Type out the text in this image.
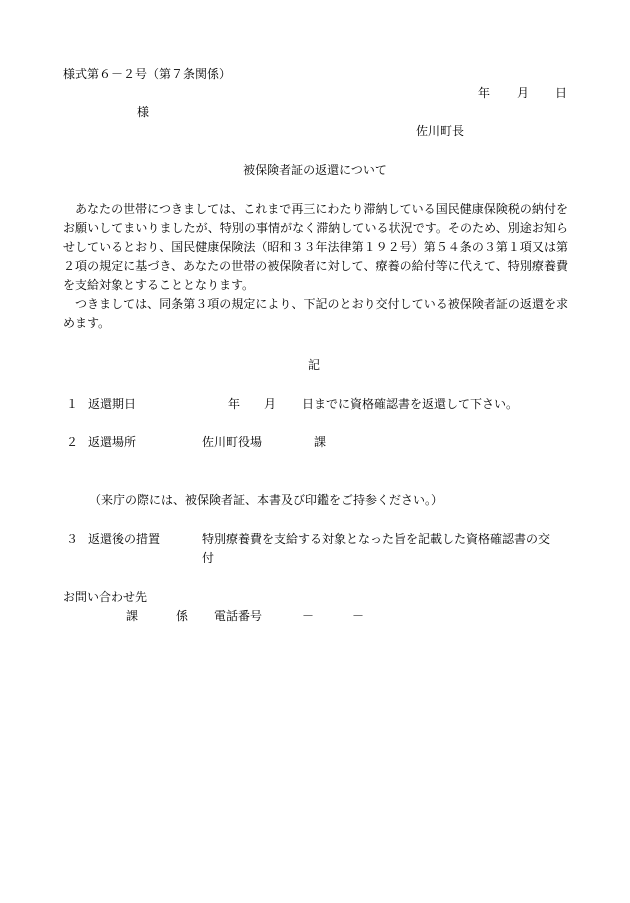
様式第６－２号（第７条関係）
年 月 日
様
佐川町長
被保険者証の返還について

あなたの世帯につきましては、これまで再三にわたり滞納している国民健康保険税の納付をお願いしてまいりましたが、特別の事情がなく滞納している状況です。そのため、別途お知らせしているとおり、国民健康保険法（昭和３３年法律第１９２号）第５４条の３第１項又は第２項の規定に基づき、あなたの世帯の被保険者に対して、療養の給付等に代えて、特別療養費を支給対象とすることとなります。

つきましては、同条第３項の規定により、下記のとおり交付している被保険者証の返還を求めます。

記
１ 返還期日	年 月 日までに資格確認書を返還して下さい。
２ 返還場所	佐川町役場	課
（来庁の際には、被保険者証、本書及び印鑑をご持参ください。）
３ 返還後の措置	特別療養費を支給する対象となった旨を記載した資格確認書の交
付
お問い合わせ先
課	係 電話番号	－	－
